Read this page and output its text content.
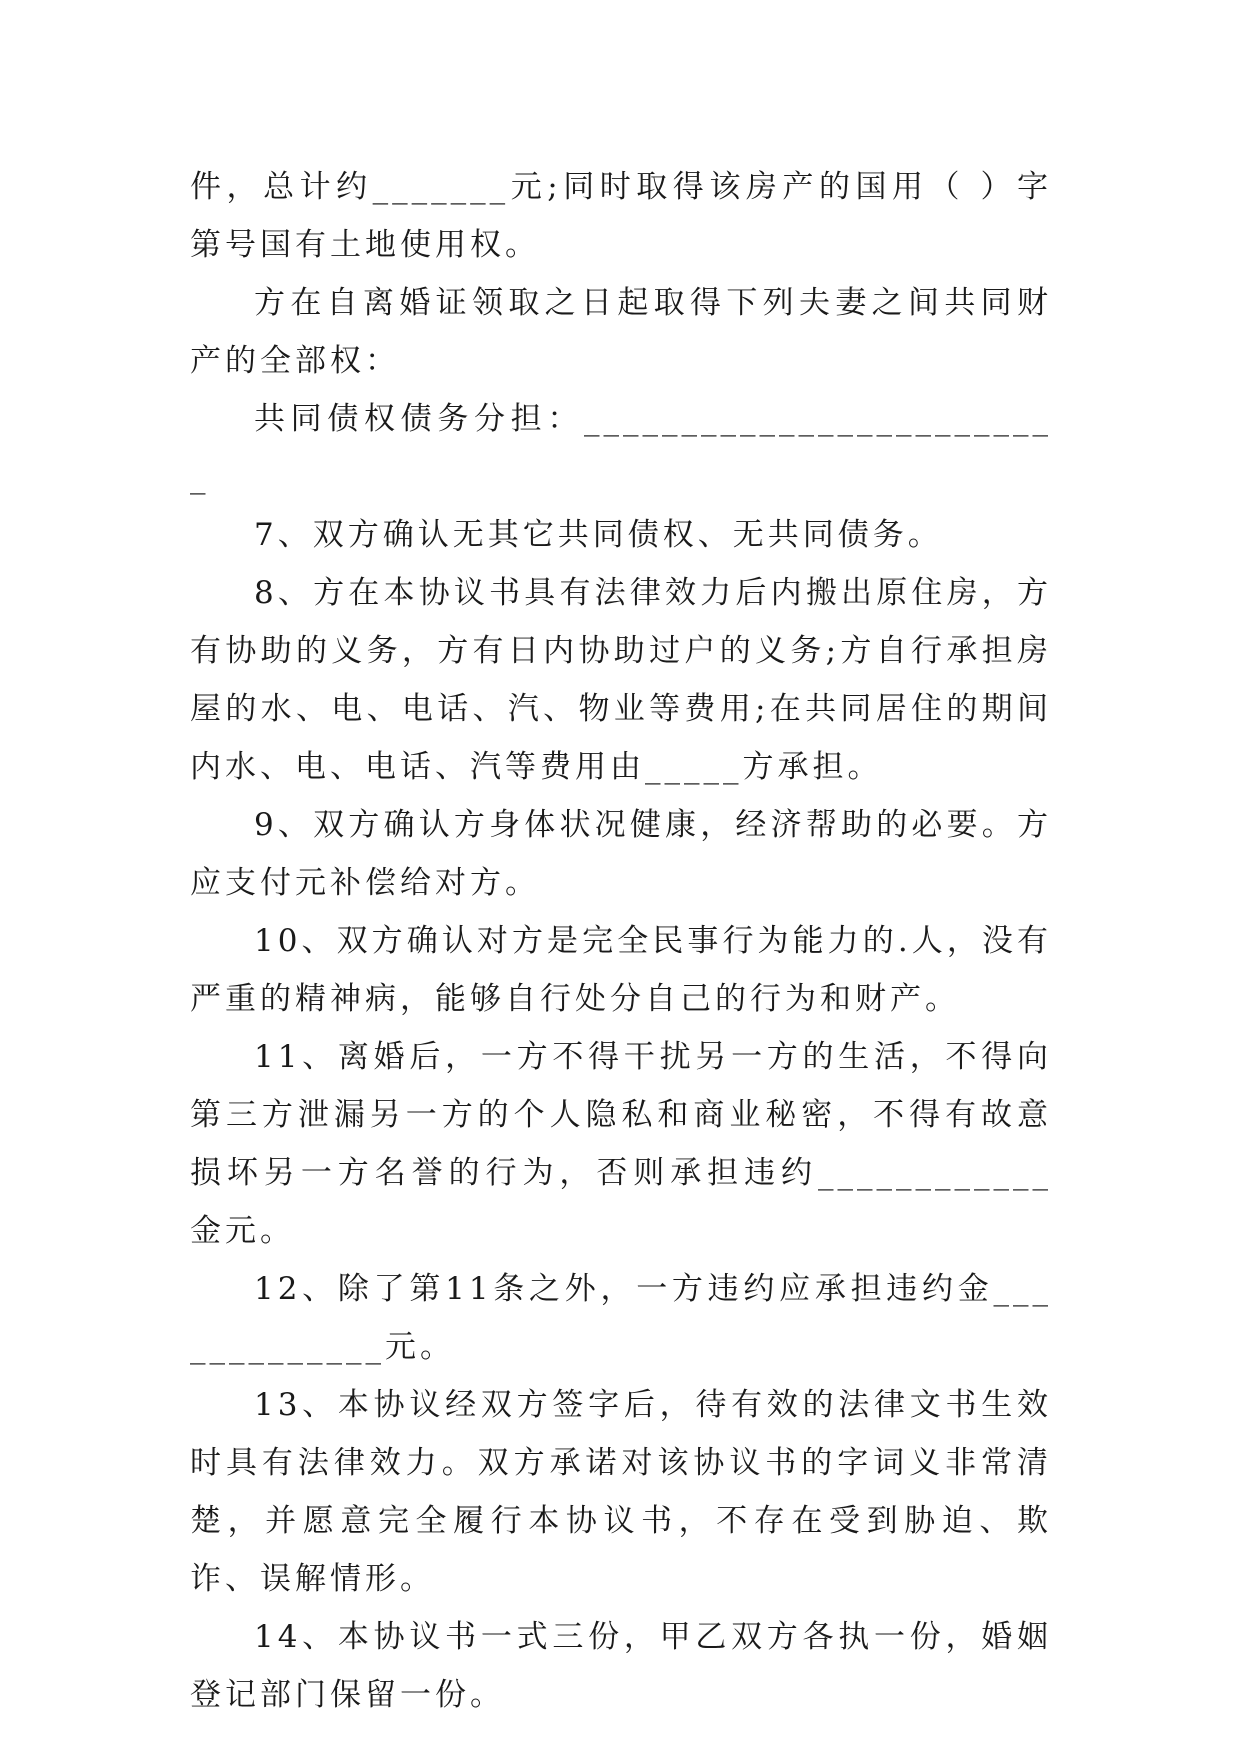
件，总计约_______元;同时取得该房产的国用（ ）字第号国有土地使用权。

方在自离婚证领取之日起取得下列夫妻之间共同财产的全部权：

共同债权债务分担：_________________________

7、双方确认无其它共同债权、无共同债务。

8、方在本协议书具有法律效力后内搬出原住房，方有协助的义务，方有日内协助过户的义务;方自行承担房屋的水、电、电话、汽、物业等费用;在共同居住的期间内水、电、电话、汽等费用由_____方承担。

9、双方确认方身体状况健康，经济帮助的必要。方应支付元补偿给对方。

10、双方确认对方是完全民事行为能力的.人，没有严重的精神病，能够自行处分自己的行为和财产。

11、离婚后，一方不得干扰另一方的生活，不得向第三方泄漏另一方的个人隐私和商业秘密，不得有故意损坏另一方名誉的行为，否则承担违约____________金元。

12、除了第11条之外，一方违约应承担违约金_____________元。

13、本协议经双方签字后，待有效的法律文书生效时具有法律效力。双方承诺对该协议书的字词义非常清楚，并愿意完全履行本协议书，不存在受到胁迫、欺诈、误解情形。

14、本协议书一式三份，甲乙双方各执一份，婚姻登记部门保留一份。
